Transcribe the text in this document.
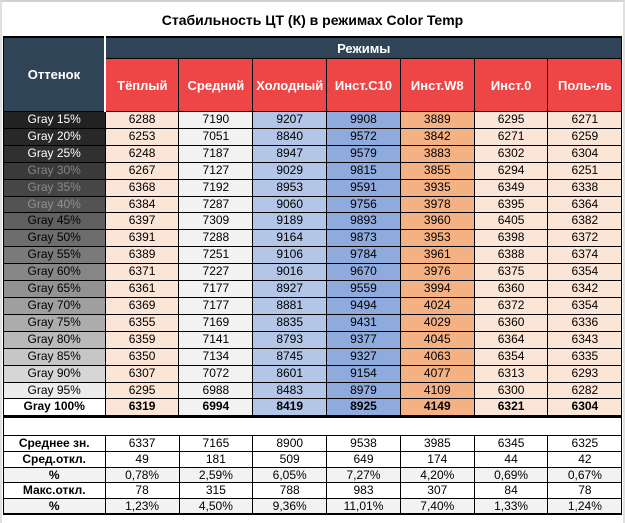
Стабильность ЦТ (К) в режимах Color Temp
Оттенок	Режимы						
	Тёплый	Средний	Холодный	Инст.C10	Инст.W8	Инст.0	Поль-ль
Gray 15%	6288	7190	9207	9908	3889	6295	6271
Gray 20%	6253	7051	8840	9572	3842	6271	6259
Gray 25%	6248	7187	8947	9579	3883	6302	6304
Gray 30%	6267	7127	9029	9815	3855	6294	6251
Gray 35%	6368	7192	8953	9591	3935	6349	6338
Gray 40%	6384	7287	9060	9756	3978	6395	6364
Gray 45%	6397	7309	9189	9893	3960	6405	6382
Gray 50%	6391	7288	9164	9873	3953	6398	6372
Gray 55%	6389	7251	9106	9784	3961	6388	6374
Gray 60%	6371	7227	9016	9670	3976	6375	6354
Gray 65%	6361	7177	8927	9559	3994	6360	6342
Gray 70%	6369	7177	8881	9494	4024	6372	6354
Gray 75%	6355	7169	8835	9431	4029	6360	6336
Gray 80%	6359	7141	8793	9377	4045	6364	6343
Gray 85%	6350	7134	8745	9327	4063	6354	6335
Gray 90%	6307	7072	8601	9154	4077	6313	6293
Gray 95%	6295	6988	8483	8979	4109	6300	6282
Gray 100%	6319	6994	8419	8925	4149	6321	6304
Среднее зн.	6337	7165	8900	9538	3985	6345	6325
Сред.откл.	49	181	509	649	174	44	42
%	0,78%	2,59%	6,05%	7,27%	4,20%	0,69%	0,67%
Макс.откл.	78	315	788	983	307	84	78
%	1,23%	4,50%	9,36%	11,01%	7,40%	1,33%	1,24%
